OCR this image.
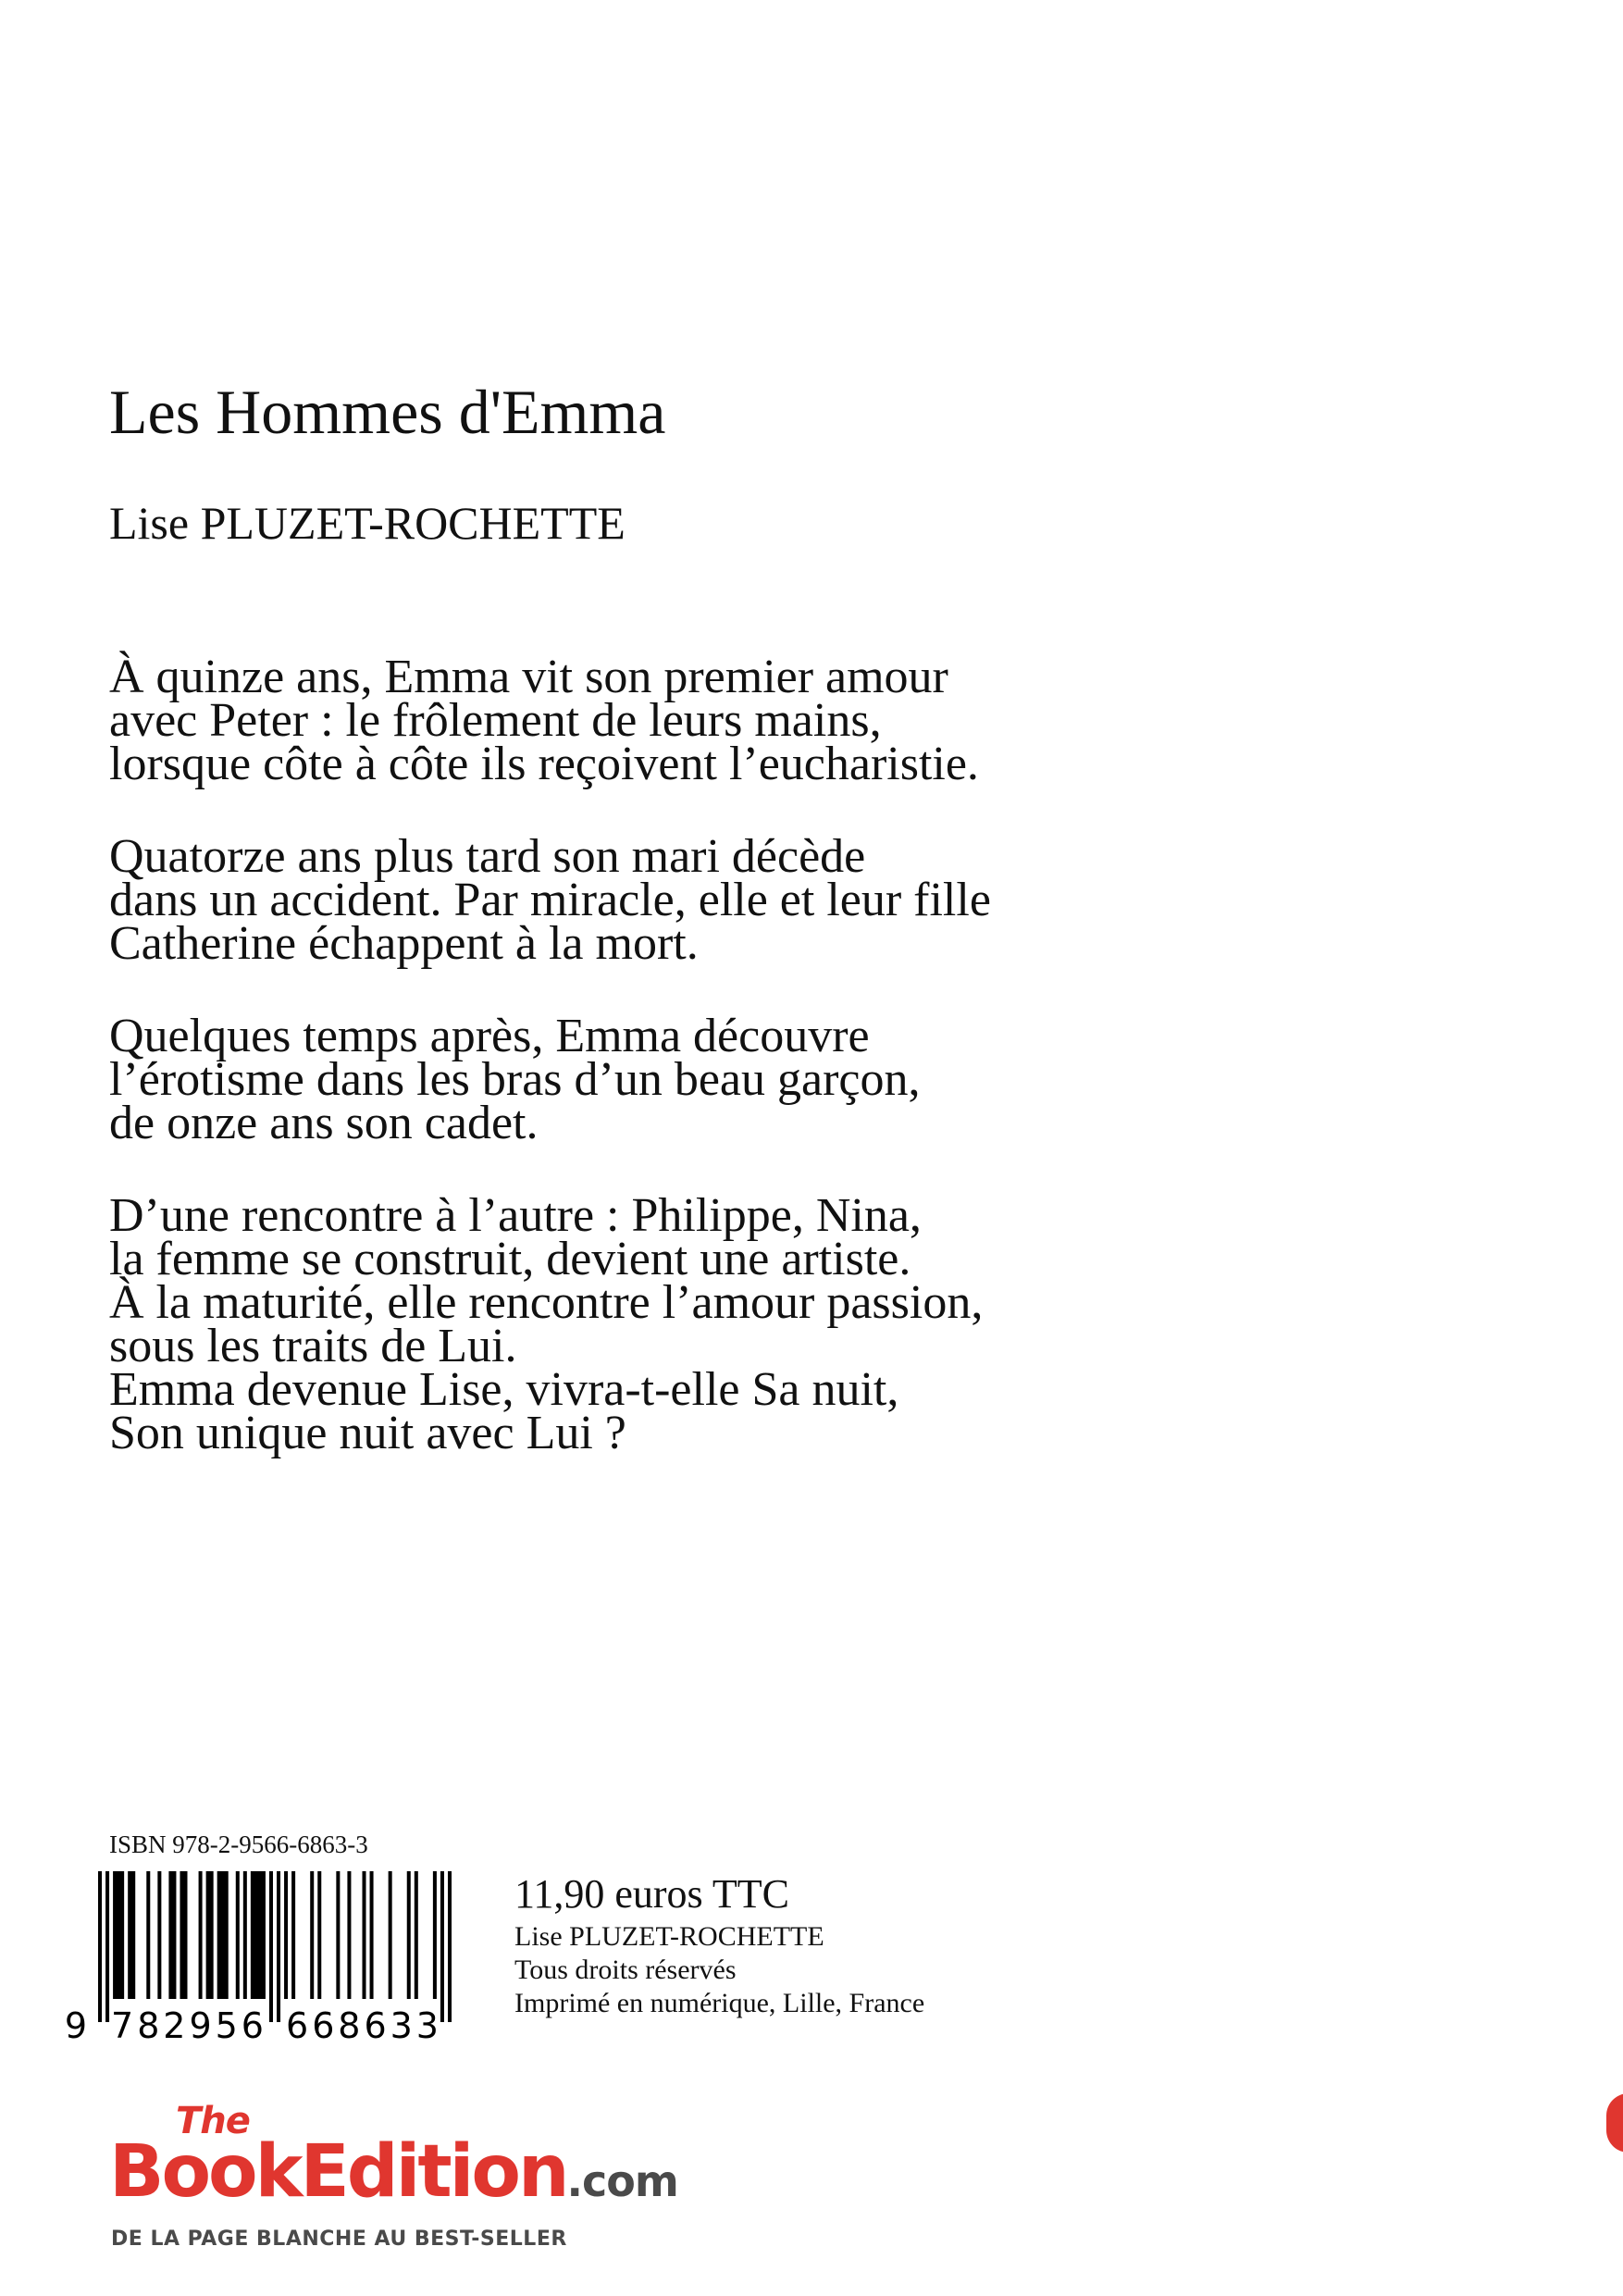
Les Hommes d'Emma
Lise PLUZET-ROCHETTE
À quinze ans, Emma vit son premier amour
avec Peter : le frôlement de leurs mains,
lorsque côte à côte ils reçoivent l’eucharistie.
Quatorze ans plus tard son mari décède
dans un accident. Par miracle, elle et leur fille
Catherine échappent à la mort.
Quelques temps après, Emma découvre
l’érotisme dans les bras d’un beau garçon,
de onze ans son cadet.
D’une rencontre à l’autre : Philippe, Nina,
la femme se construit, devient une artiste.
À la maturité, elle rencontre l’amour passion,
sous les traits de Lui.
Emma devenue Lise, vivra-t-elle Sa nuit,
Son unique nuit avec Lui ?
ISBN 978-2-9566-6863-3
9 7 8 2 9 5 6 6 6 8 6 3 3
11,90 euros TTC
Lise PLUZET-ROCHETTE
Tous droits réservés
Imprimé en numérique, Lille, France
The
BookEdition.com
DE LA PAGE BLANCHE AU BEST-SELLER
